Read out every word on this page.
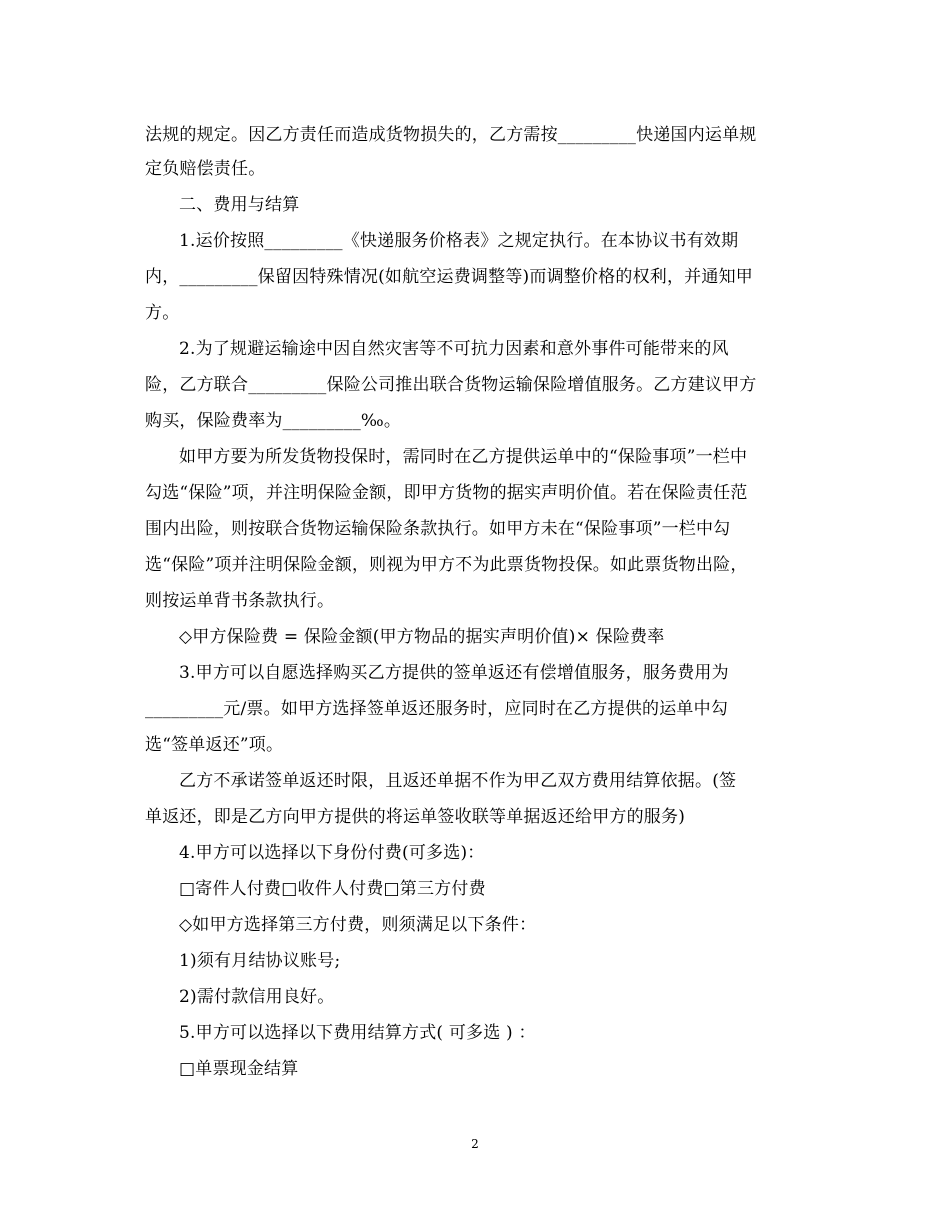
法规的规定。因乙方责任而造成货物损失的，乙方需按_________快递国内运单规
定负赔偿责任。
二、费用与结算
1.运价按照_________《快递服务价格表》之规定执行。在本协议书有效期
内，_________保留因特殊情况(如航空运费调整等)而调整价格的权利，并通知甲
方。
2.为了规避运输途中因自然灾害等不可抗力因素和意外事件可能带来的风
险，乙方联合_________保险公司推出联合货物运输保险增值服务。乙方建议甲方
购买，保险费率为_________‰。
如甲方要为所发货物投保时，需同时在乙方提供运单中的“保险事项”一栏中
勾选“保险”项，并注明保险金额，即甲方货物的据实声明价值。若在保险责任范
围内出险，则按联合货物运输保险条款执行。如甲方未在“保险事项”一栏中勾
选“保险”项并注明保险金额，则视为甲方不为此票货物投保。如此票货物出险，
则按运单背书条款执行。
◇甲方保险费 = 保险金额(甲方物品的据实声明价值)× 保险费率
3.甲方可以自愿选择购买乙方提供的签单返还有偿增值服务，服务费用为
_________元/票。如甲方选择签单返还服务时，应同时在乙方提供的运单中勾
选“签单返还”项。
乙方不承诺签单返还时限，且返还单据不作为甲乙双方费用结算依据。(签
单返还，即是乙方向甲方提供的将运单签收联等单据返还给甲方的服务)
4.甲方可以选择以下身份付费(可多选)：
□寄件人付费□收件人付费□第三方付费
◇如甲方选择第三方付费，则须满足以下条件：
1)须有月结协议账号;
2)需付款信用良好。
5.甲方可以选择以下费用结算方式( 可多选 ) ：
□单票现金结算
2
